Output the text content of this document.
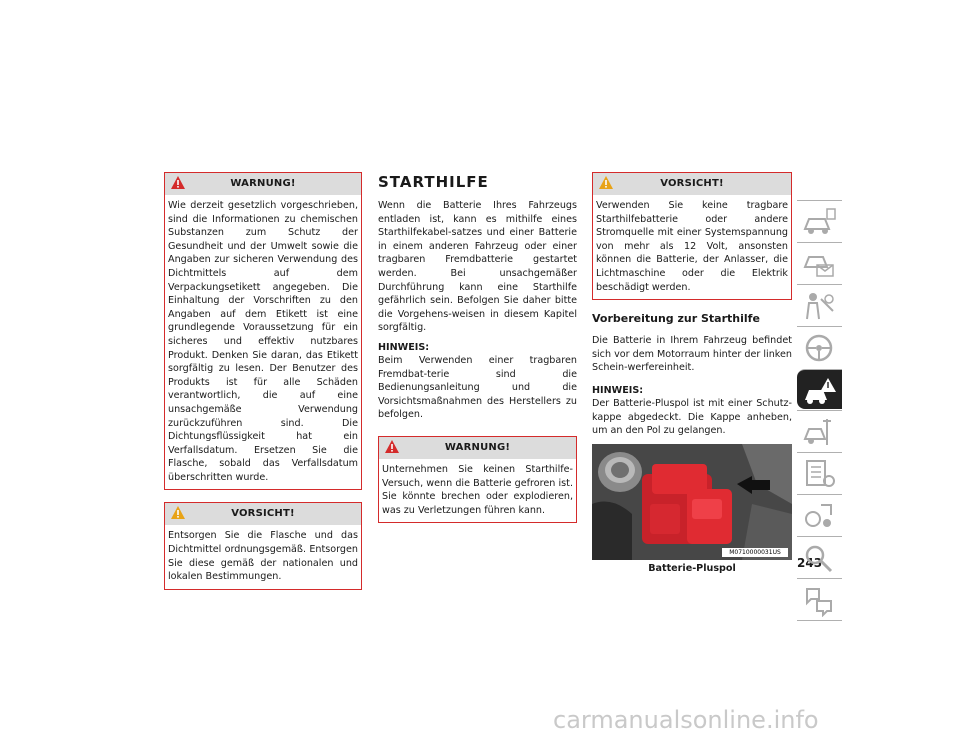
WARNUNG!
Wie derzeit gesetzlich vorgeschrieben, sind die Informationen zu chemischen Substanzen zum Schutz der Gesundheit und der Umwelt sowie die Angaben zur sicheren Verwendung des Dichtmittels auf dem Verpackungsetikett angegeben. Die Einhaltung der Vorschriften zu den Angaben auf dem Etikett ist eine grundlegende Voraussetzung für ein sicheres und effektiv nutzbares Produkt. Denken Sie daran, das Etikett sorgfältig zu lesen. Der Benutzer des Produkts ist für alle Schäden verantwortlich, die auf eine unsachgemäße Verwendung zurückzuführen sind. Die Dichtungsflüssigkeit hat ein Verfallsdatum. Ersetzen Sie die Flasche, sobald das Verfallsdatum überschritten wurde.
VORSICHT!
Entsorgen Sie die Flasche und das Dichtmittel ordnungsgemäß. Entsorgen Sie diese gemäß der nationalen und lokalen Bestimmungen.
STARTHILFE
Wenn die Batterie Ihres Fahrzeugs entladen ist, kann es mithilfe eines Starthilfekabel-satzes und einer Batterie in einem anderen Fahrzeug oder einer tragbaren Fremdbatterie gestartet werden. Bei unsachgemäßer Durchführung kann eine Starthilfe gefährlich sein. Befolgen Sie daher bitte die Vorgehens-weisen in diesem Kapitel sorgfältig.
HINWEIS:
Beim Verwenden einer tragbaren Fremdbat-terie sind die Bedienungsanleitung und die Vorsichtsmaßnahmen des Herstellers zu befolgen.
WARNUNG!
Unternehmen Sie keinen Starthilfe-Versuch, wenn die Batterie gefroren ist. Sie könnte brechen oder explodieren, was zu Verletzungen führen kann.
VORSICHT!
Verwenden Sie keine tragbare Starthilfebatterie oder andere Stromquelle mit einer Systemspannung von mehr als 12 Volt, ansonsten können die Batterie, der Anlasser, die Lichtmaschine oder die Elektrik beschädigt werden.
Vorbereitung zur Starthilfe
Die Batterie in Ihrem Fahrzeug befindet sich vor dem Motorraum hinter der linken Schein-werfereinheit.
HINWEIS:
Der Batterie-Pluspol ist mit einer Schutz-kappe abgedeckt. Die Kappe anheben, um an den Pol zu gelangen.
M0710000031US
Batterie-Pluspol	243
carmanualsonline.info
